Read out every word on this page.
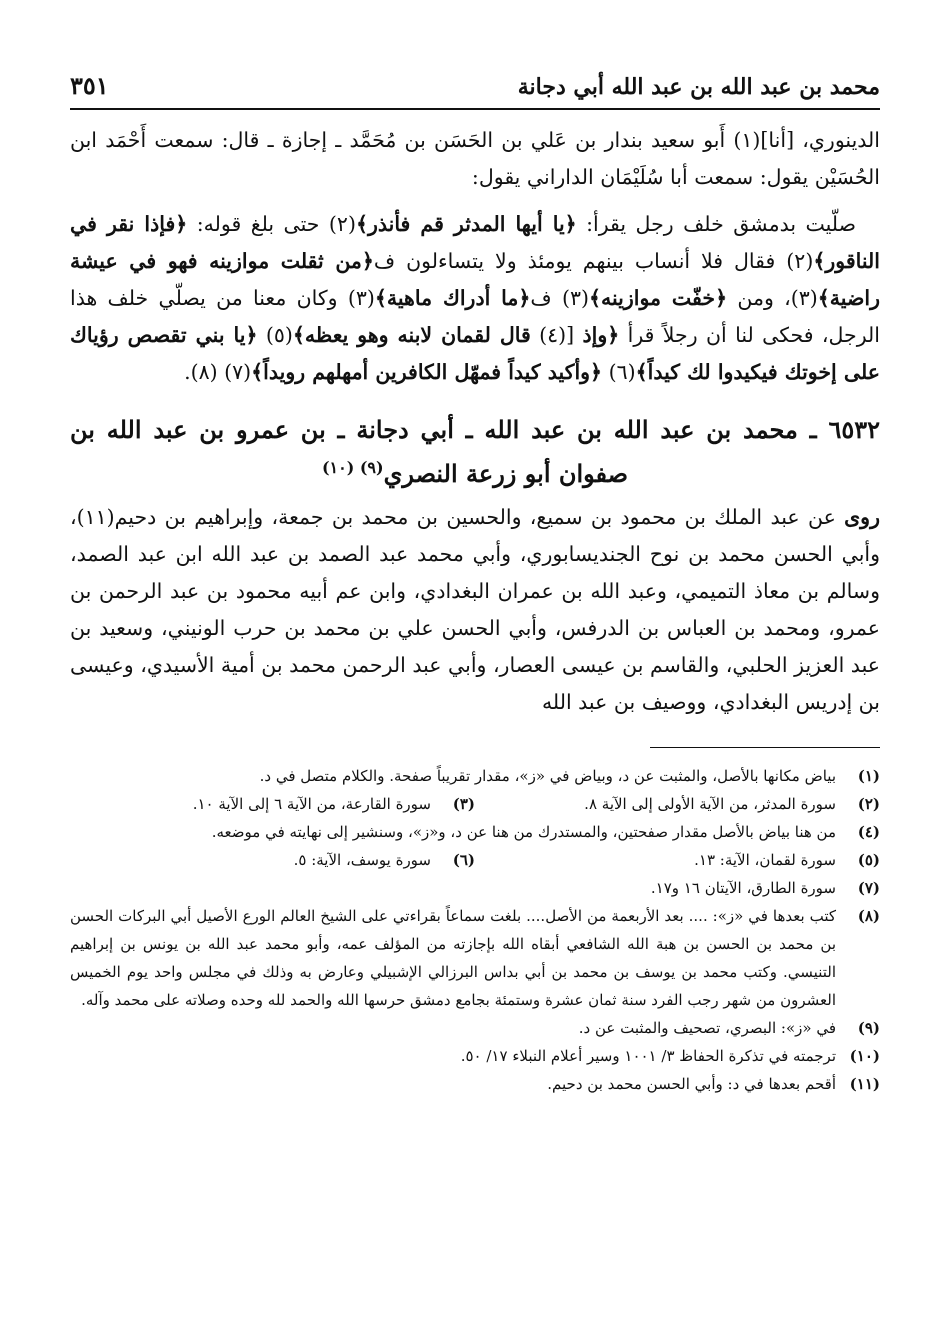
محمد بن عبد الله بن عبد الله أبي دجانة
٣٥١

الدينوري، [أنا](١) أَبو سعيد بندار بن عَلي بن الحَسَن بن مُحَمَّد ـ إجازة ـ قال: سمعت أَحْمَد ابن الحُسَيْن يقول: سمعت أبا سُلَيْمَان الداراني يقول:

صلّيت بدمشق خلف رجل يقرأ: ﴿يا أيها المدثر قم فأنذر﴾(٢) حتى بلغ قوله: ﴿فإذا نقر في الناقور﴾(٢) فقال فلا أنساب بينهم يومئذ ولا يتساءلون ف﴿من ثقلت موازينه فهو في عيشة راضية﴾(٣)، ومن ﴿خفّت موازينه﴾(٣) ف﴿ما أدراك ماهية﴾(٣) وكان معنا من يصلّي خلف هذا الرجل، فحكى لنا أن رجلاً قرأ ﴿وإذ [(٤) قال لقمان لابنه وهو يعظه﴾(٥) ﴿يا بني تقصص رؤياك على إخوتك فيكيدوا لك كيداً﴾(٦) ﴿وأكيد كيداً فمهّل الكافرين أمهلهم رويداً﴾(٧) (٨).

٦٥٣٢ ـ محمد بن عبد الله بن عبد الله ـ أبي دجانة ـ بن عمرو بن عبد الله بن صفوان أبو زرعة النصري$^{(٩) (١٠)}$

روى عن عبد الملك بن محمود بن سميع، والحسين بن محمد بن جمعة، وإبراهيم بن دحيم(١١)، وأبي الحسن محمد بن نوح الجنديسابوري، وأبي محمد عبد الصمد بن عبد الله ابن عبد الصمد، وسالم بن معاذ التميمي، وعبد الله بن عمران البغدادي، وابن عم أبيه محمود بن عبد الرحمن بن عمرو، ومحمد بن العباس بن الدرفس، وأبي الحسن علي بن محمد بن حرب الونيني، وسعيد بن عبد العزيز الحلبي، والقاسم بن عيسى العصار، وأبي عبد الرحمن محمد بن أمية الأسيدي، وعيسى بن إدريس البغدادي، ووصيف بن عبد الله

(١)
بياض مكانها بالأصل، والمثبت عن د، وبياض في «ز»، مقدار تقريباً صفحة. والكلام متصل في د.
(٢)
سورة المدثر، من الآية الأولى إلى الآية ٨.
(٣)
سورة القارعة، من الآية ٦ إلى الآية ١٠.
(٤)
من هنا بياض بالأصل مقدار صفحتين، والمستدرك من هنا عن د، و«ز»، وسنشير إلى نهايته في موضعه.
(٥)
سورة لقمان، الآية: ١٣.
(٦)
سورة يوسف، الآية: ٥.
(٧)
سورة الطارق، الآيتان ١٦ و١٧.
(٨)
كتب بعدها في «ز»: .... بعد الأربعمة من الأصل.... بلغت سماعاً بقراءتي على الشيخ العالم الورع الأصيل أبي البركات الحسن بن محمد بن الحسن بن هبة الله الشافعي أبقاه الله بإجازته من المؤلف عمه، وأبو محمد عبد الله بن يونس بن إبراهيم التنيسي. وكتب محمد بن يوسف بن محمد بن أبي بداس البرزالي الإشبيلي وعارض به وذلك في مجلس واحد يوم الخميس العشرون من شهر رجب الفرد سنة ثمان عشرة وستمئة بجامع دمشق حرسها الله والحمد لله وحده وصلاته على محمد وآله.
(٩)
في «ز»: البصري، تصحيف والمثبت عن د.
(١٠)
ترجمته في تذكرة الحفاظ ٣/ ١٠٠١ وسير أعلام النبلاء ١٧/ ٥٠.
(١١)
أقحم بعدها في د: وأبي الحسن محمد بن دحيم.
